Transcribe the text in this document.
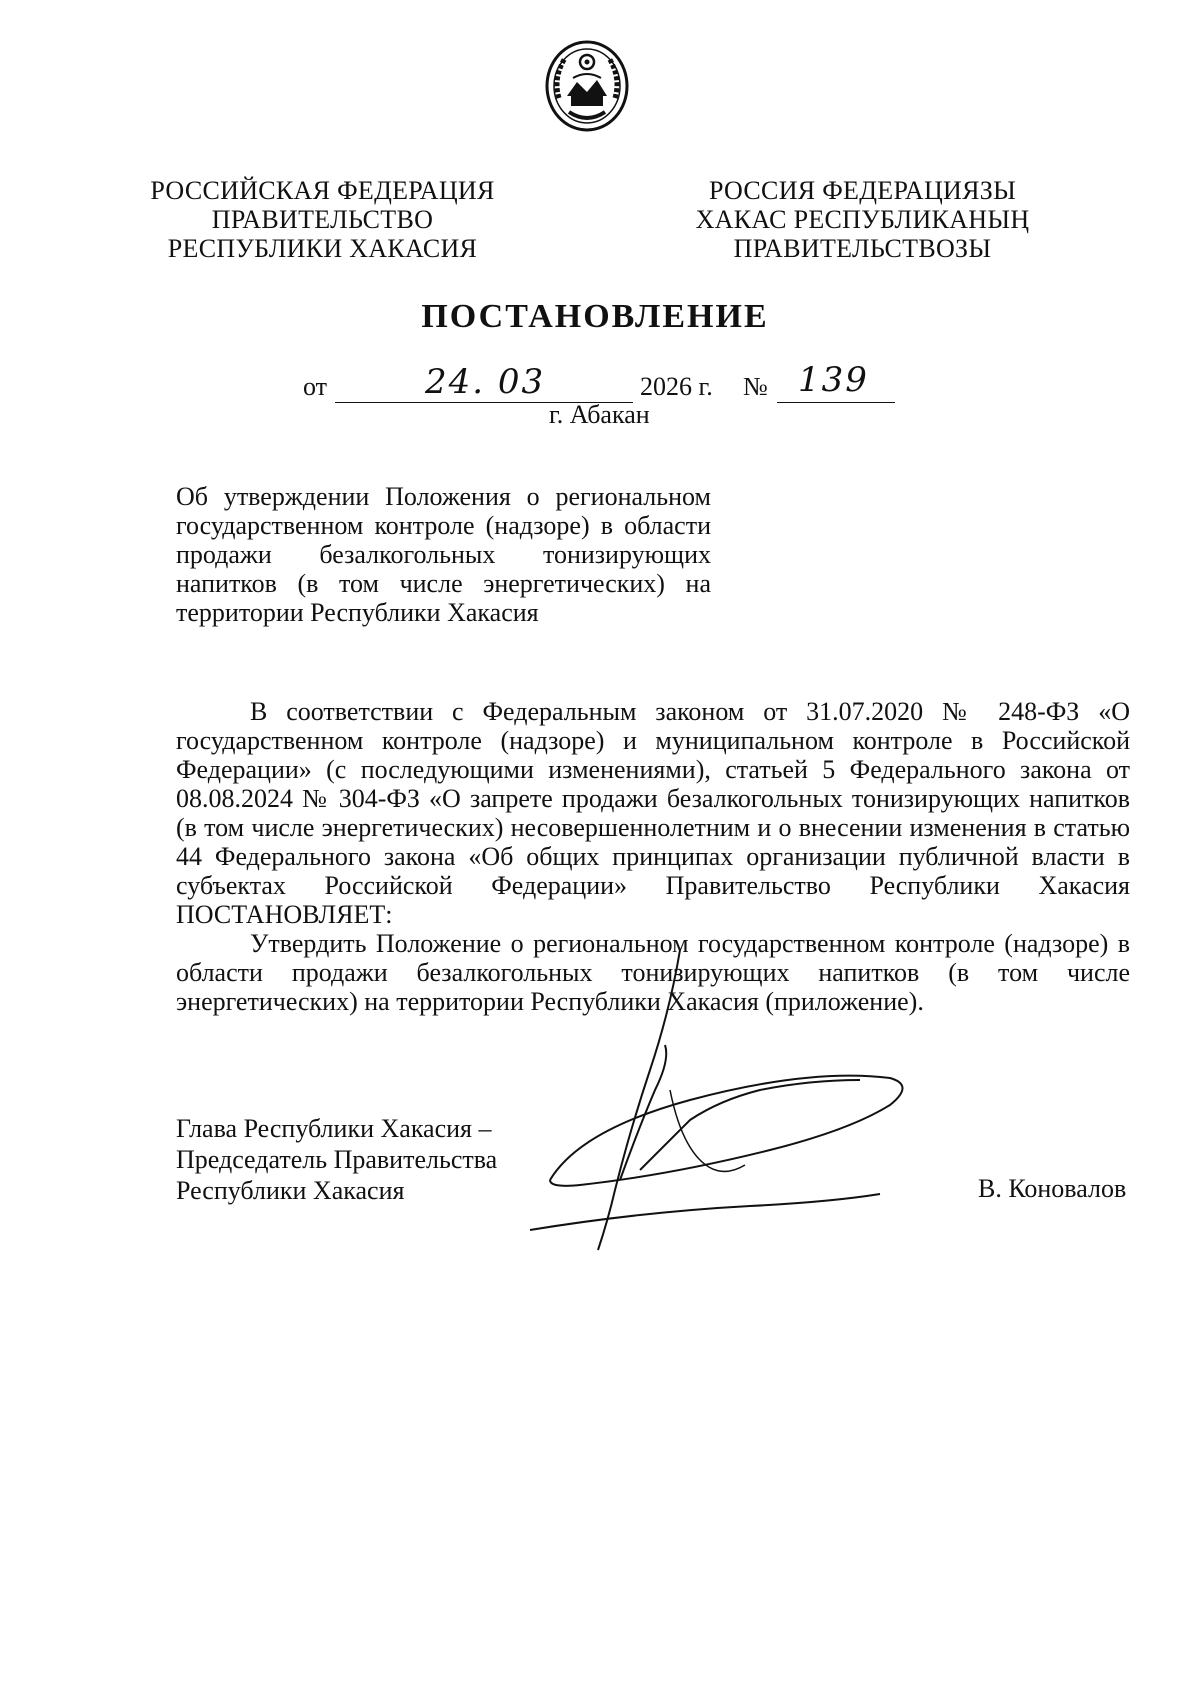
РОССИЙСКАЯ ФЕДЕРАЦИЯ
ПРАВИТЕЛЬСТВО
РЕСПУБЛИКИ ХАКАСИЯ
РОССИЯ ФЕДЕРАЦИЯЗЫ
ХАКАС РЕСПУБЛИКАНЫҢ
ПРАВИТЕЛЬСТВОЗЫ
ПОСТАНОВЛЕНИЕ
от	24. 03	2026 г. № 139
г. Абакан
Об утверждении Положения о региональном
государственном контроле (надзоре) в области
продажи безалкогольных тонизирующих
напитков (в том числе энергетических) на
территории Республики Хакасия

В соответствии с Федеральным законом от 31.07.2020 № 248-ФЗ «О государственном контроле (надзоре) и муниципальном контроле в Российской Федерации» (с последующими изменениями), статьей 5 Федерального закона от 08.08.2024 № 304-ФЗ «О запрете продажи безалкогольных тонизирующих напитков (в том числе энергетических) несовершеннолетним и о внесении изменения в статью 44 Федерального закона «Об общих принципах организации публичной власти в субъектах Российской Федерации» Правительство Республики Хакасия ПОСТАНОВЛЯЕТ:

Утвердить Положение о региональном государственном контроле (надзоре) в области продажи безалкогольных тонизирующих напитков (в том числе энергетических) на территории Республики Хакасия (приложение).

Глава Республики Хакасия –
Председатель Правительства
Республики Хакасия	В. Коновалов
